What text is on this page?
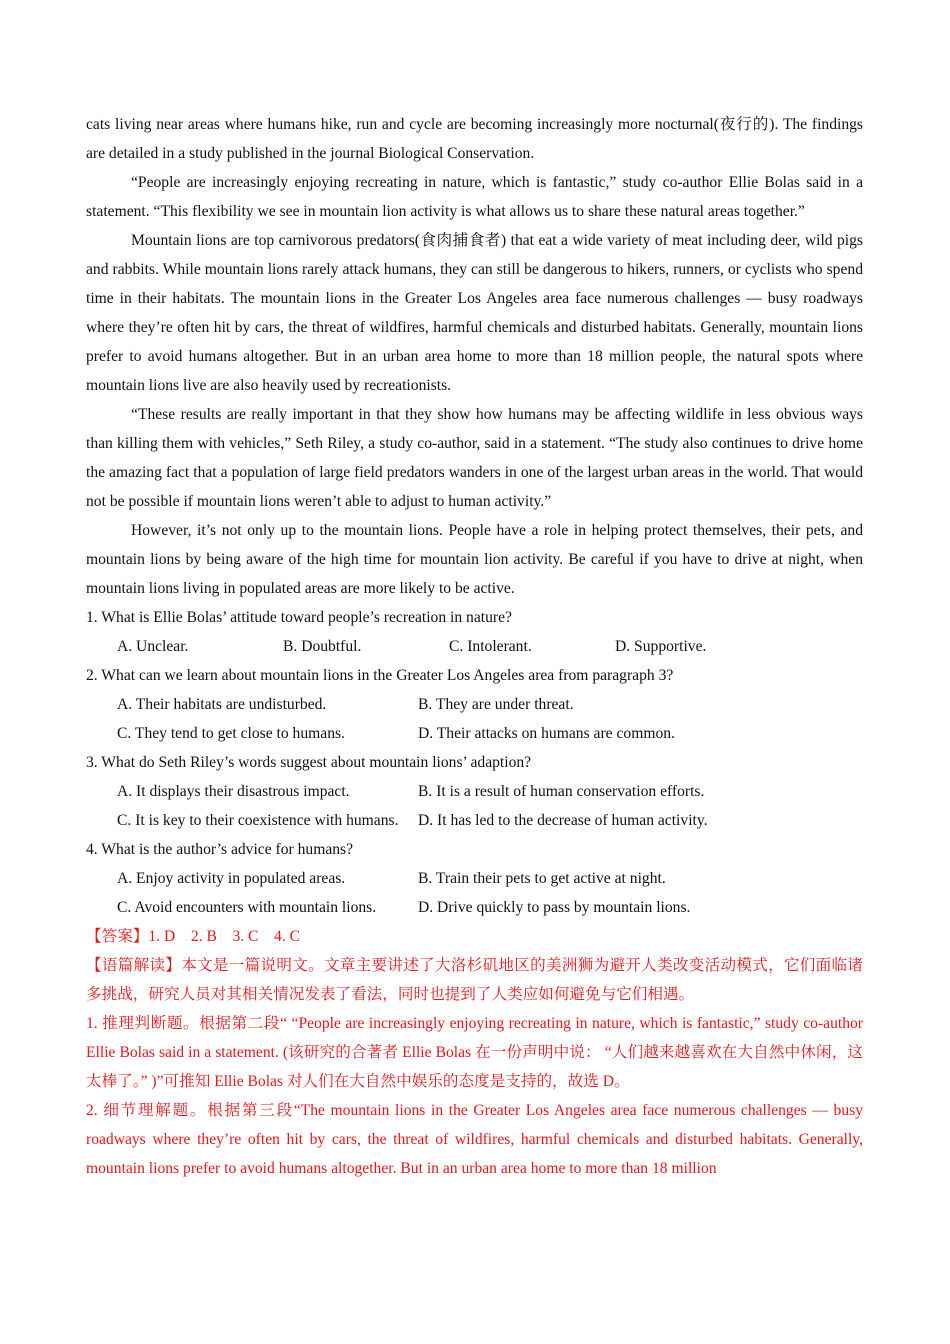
cats living near areas where humans hike, run and cycle are becoming increasingly more nocturnal(夜行的). The findings are detailed in a study published in the journal Biological Conservation.

“People are increasingly enjoying recreating in nature, which is fantastic,” study co-author Ellie Bolas said in a statement. “This flexibility we see in mountain lion activity is what allows us to share these natural areas together.”

Mountain lions are top carnivorous predators(食肉捕食者) that eat a wide variety of meat including deer, wild pigs and rabbits. While mountain lions rarely attack humans, they can still be dangerous to hikers, runners, or cyclists who spend time in their habitats. The mountain lions in the Greater Los Angeles area face numerous challenges — busy roadways where they’re often hit by cars, the threat of wildfires, harmful chemicals and disturbed habitats. Generally, mountain lions prefer to avoid humans altogether. But in an urban area home to more than 18 million people, the natural spots where mountain lions live are also heavily used by recreationists.

“These results are really important in that they show how humans may be affecting wildlife in less obvious ways than killing them with vehicles,” Seth Riley, a study co-author, said in a statement. “The study also continues to drive home the amazing fact that a population of large field predators wanders in one of the largest urban areas in the world. That would not be possible if mountain lions weren’t able to adjust to human activity.”

However, it’s not only up to the mountain lions. People have a role in helping protect themselves, their pets, and mountain lions by being aware of the high time for mountain lion activity. Be careful if you have to drive at night, when mountain lions living in populated areas are more likely to be active.

1. What is Ellie Bolas’ attitude toward people’s recreation in nature?

A. Unclear.	B. Doubtful.	C. Intolerant.	D. Supportive.

2. What can we learn about mountain lions in the Greater Los Angeles area from paragraph 3?

A. Their habitats are undisturbed.	B. They are under threat.
C. They tend to get close to humans.	D. Their attacks on humans are common.

3. What do Seth Riley’s words suggest about mountain lions’ adaption?

A. It displays their disastrous impact.	B. It is a result of human conservation efforts.
C. It is key to their coexistence with humans.	D. It has led to the decrease of human activity.

4. What is the author’s advice for humans?

A. Enjoy activity in populated areas.	B. Train their pets to get active at night.
C. Avoid encounters with mountain lions.	D. Drive quickly to pass by mountain lions.

【答案】1. D 2. B 3. C 4. C

【语篇解读】本文是一篇说明文。文章主要讲述了大洛杉矶地区的美洲狮为避开人类改变活动模式，它们面临诸多挑战，研究人员对其相关情况发表了看法，同时也提到了人类应如何避免与它们相遇。

1. 推理判断题。根据第二段“ “People are increasingly enjoying recreating in nature, which is fantastic,” study co-author Ellie Bolas said in a statement. (该研究的合著者 Ellie Bolas 在一份声明中说： “人们越来越喜欢在大自然中休闲，这太棒了。” )”可推知 Ellie Bolas 对人们在大自然中娱乐的态度是支持的，故选 D。

2. 细节理解题。根据第三段“The mountain lions in the Greater Los Angeles area face numerous challenges — busy roadways where they’re often hit by cars, the threat of wildfires, harmful chemicals and disturbed habitats. Generally, mountain lions prefer to avoid humans altogether. But in an urban area home to more than 18 million
